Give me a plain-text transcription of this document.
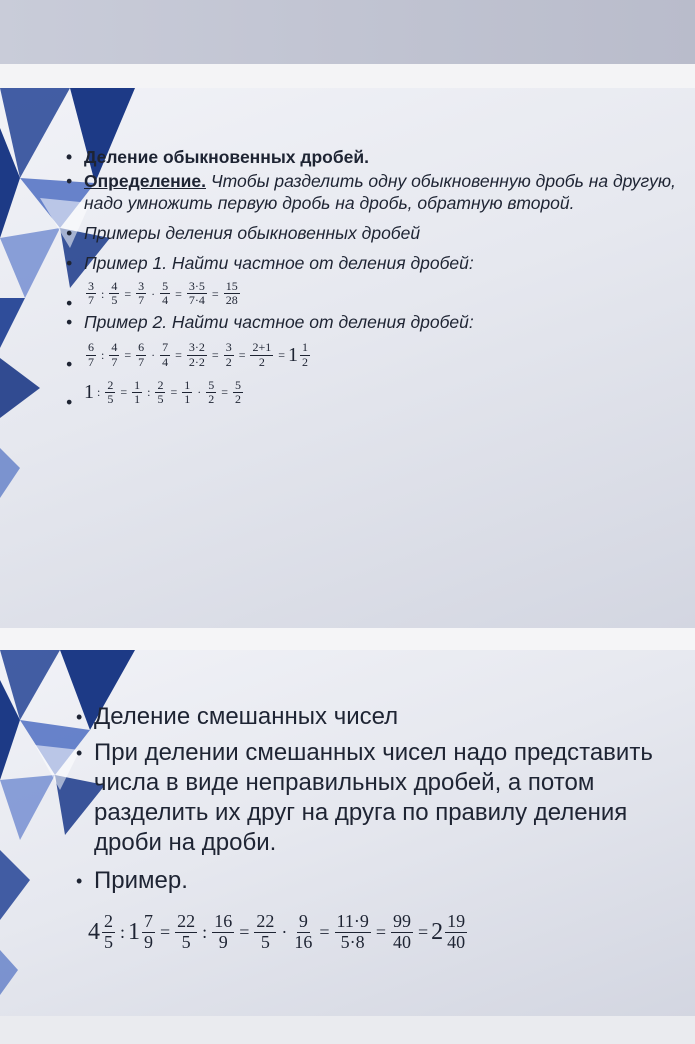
• Деление обыкновенных дробей.
• Определение. Чтобы разделить одну обыкновенную дробь на другую, надо умножить первую дробь на дробь, обратную второй.
• Примеры деления обыкновенных дробей
• Пример 1. Найти частное от деления дробей:
• $\frac{3}{7}$ : $\frac{4}{5} = \frac{3}{7} \cdot \frac{5}{4} = \frac{3\cdot 5}{7\cdot 4} = \frac{15}{28}$
• Пример 2. Найти частное от деления дробей:
• $\frac{6}{7}$ : $\frac{4}{7} = \frac{6}{7} \cdot \frac{7}{4} = \frac{3\cdot 2}{2\cdot 2} = \frac{3}{2} = \frac{2+1}{2} = 1 \frac{1}{2}$
• 1 : $\frac{2}{5} = \frac{1}{1}$ : $\frac{2}{5} = \frac{1}{1} \cdot \frac{5}{2} = \frac{5}{2}$
• Деление смешанных чисел
• При делении смешанных чисел надо представить числа в виде неправильных дробей, а потом разделить их друг на друга по правилу деления дроби на дроби.
• Пример.
$4 \frac{2}{5}$ : $1 \frac{7}{9} = \frac{22}{5}$ : $\frac{16}{9} = \frac{22}{5} \cdot \frac{9}{16} = \frac{11\cdot 9}{5\cdot 8} = \frac{99}{40} = 2 \frac{19}{40}$
